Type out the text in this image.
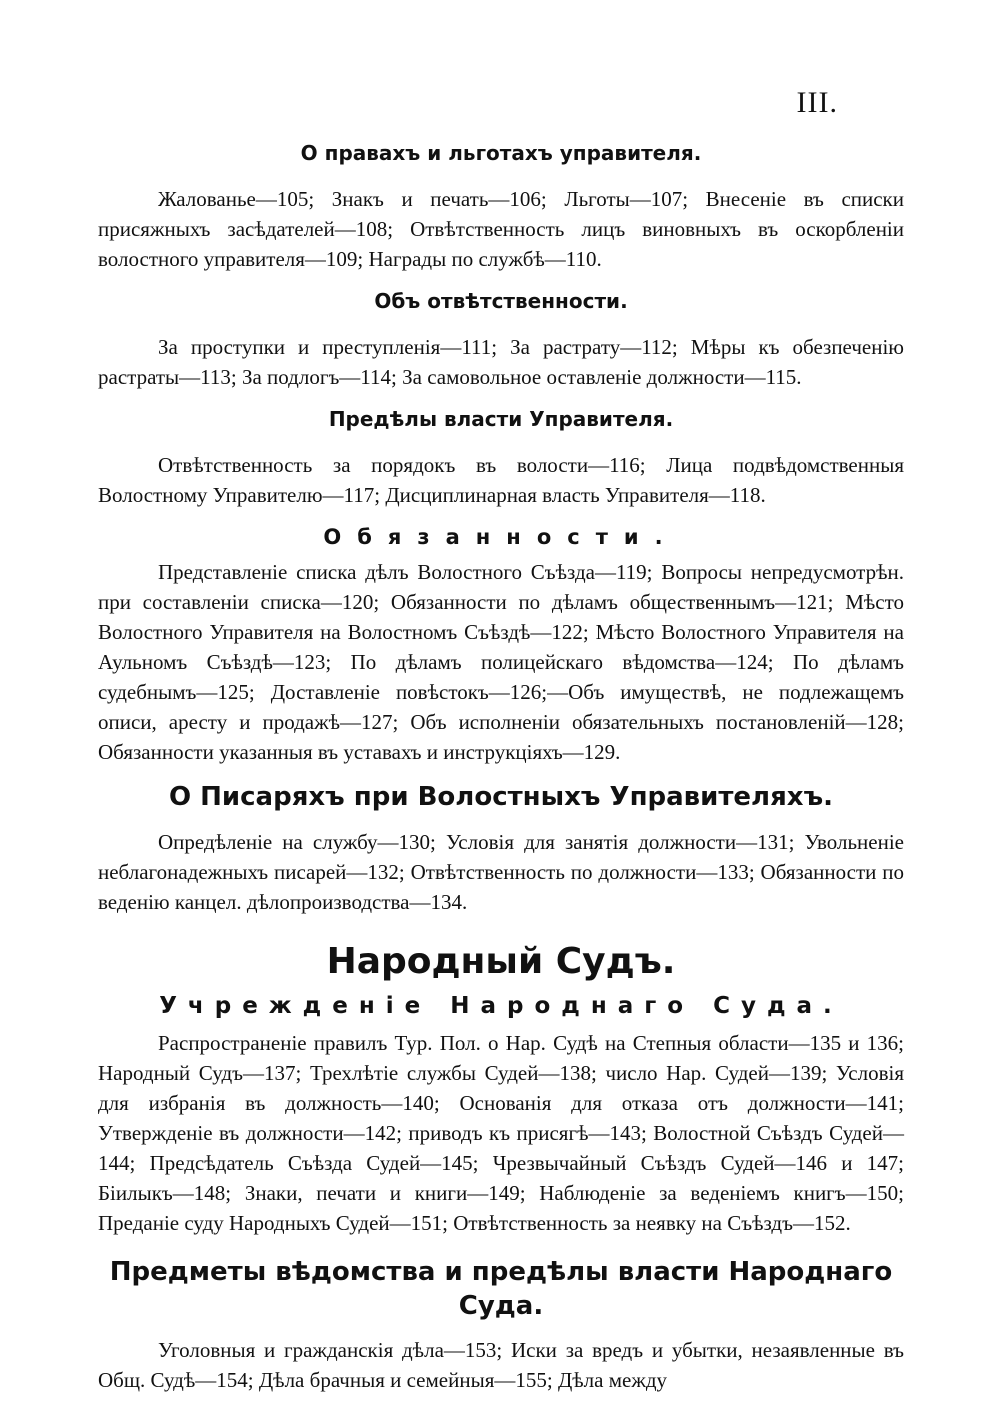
III.
О правахъ и льготахъ управителя.

Жалованье—105; Знакъ и печать—106; Льготы—107; Внесеніе въ списки присяжныхъ засѣдателей—108; Отвѣтственность лицъ виновныхъ въ оскорбленіи волостного управителя—109; Награды по службѣ—110.

Объ отвѣтственности.

За проступки и преступленія—111; За растрату—112; Мѣры къ обезпеченію растраты—113; За подлогъ—114; За самовольное оставленіе должности—115.

Предѣлы власти Управителя.

Отвѣтственность за порядокъ въ волости—116; Лица подвѣдомственныя Волостному Управителю—117; Дисциплинарная власть Управителя—118.

Обязанности.

Представленіе списка дѣлъ Волостного Съѣзда—119; Вопросы непредусмотрѣн. при составленіи списка—120; Обязанности по дѣламъ общественнымъ—121; Мѣсто Волостного Управителя на Волостномъ Съѣздѣ—122; Мѣсто Волостного Управителя на Аульномъ Съѣздѣ—123; По дѣламъ полицейскаго вѣдомства—124; По дѣламъ судебнымъ—125; Доставленіе повѣстокъ—126;—Объ имуществѣ, не подлежащемъ описи, аресту и продажѣ—127; Объ исполненіи обязательныхъ постановленій—128; Обязанности указанныя въ уставахъ и инструкціяхъ—129.

О Писаряхъ при Волостныхъ Управителяхъ.

Опредѣленіе на службу—130; Условія для занятія должности—131; Увольненіе неблагонадежныхъ писарей—132; Отвѣтственность по должности—133; Обязанности по веденію канцел. дѣлопроизводства—134.

Народный Судъ.
Учрежденіе Народнаго Суда.

Распространеніе правилъ Тур. Пол. о Нар. Судѣ на Степныя области—135 и 136; Народный Судъ—137; Трехлѣтіе службы Судей—138; число Нар. Судей—139; Условія для избранія въ должность—140; Основанія для отказа отъ должности—141; Утвержденіе въ должности—142; приводъ къ присягѣ—143; Волостной Съѣздъ Судей—144; Предсѣдатель Съѣзда Судей—145; Чрезвычайный Съѣздъ Судей—146 и 147; Біилыкъ—148; Знаки, печати и книги—149; Наблюденіе за веденіемъ книгъ—150; Преданіе суду Народныхъ Судей—151; Отвѣтственность за неявку на Съѣздъ—152.

Предметы вѣдомства и предѣлы власти Народнаго Суда.

Уголовныя и гражданскія дѣла—153; Иски за вредъ и убытки, незаявленные въ Общ. Судѣ—154; Дѣла брачныя и семейныя—155; Дѣла между
